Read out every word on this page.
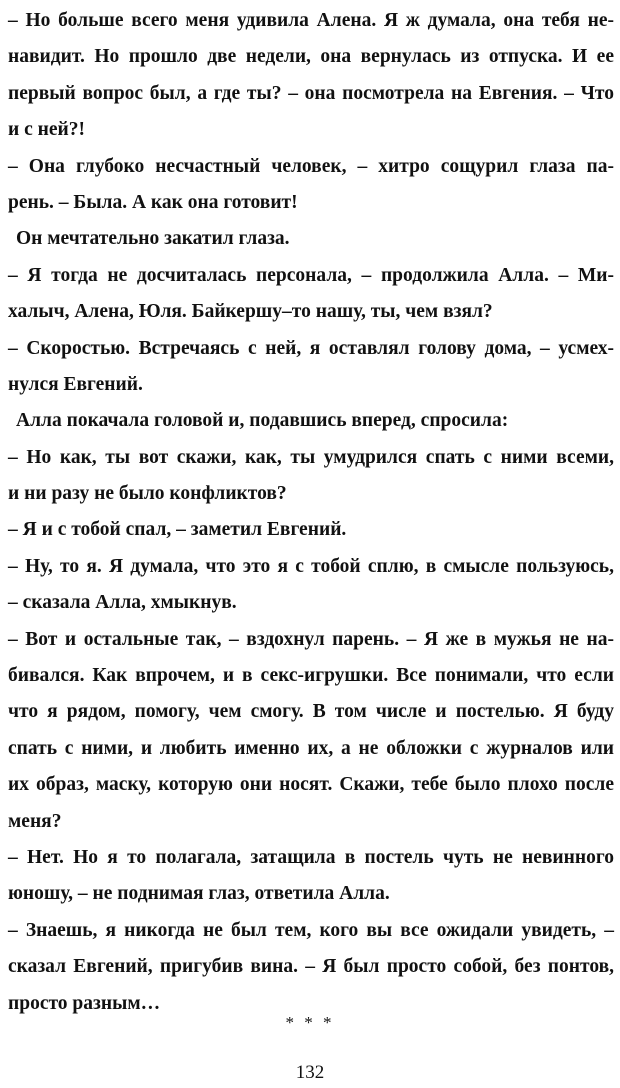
– Но больше всего меня удивила Алена. Я ж думала, она тебя не-
навидит. Но прошло две недели, она вернулась из отпуска. И ее
первый вопрос был, а где ты? – она посмотрела на Евгения. – Что
и с ней?!
– Она глубоко несчастный человек, – хитро сощурил глаза па-
рень. – Была. А как она готовит!
Он мечтательно закатил глаза.
– Я тогда не досчиталась персонала, – продолжила Алла. – Ми-
халыч, Алена, Юля. Байкершу–то нашу, ты, чем взял?
– Скоростью. Встречаясь с ней, я оставлял голову дома, – усмех-
нулся Евгений.
Алла покачала головой и, подавшись вперед, спросила:
– Но как, ты вот скажи, как, ты умудрился спать с ними всеми,
и ни разу не было конфликтов?
– Я и с тобой спал, – заметил Евгений.
– Ну, то я. Я думала, что это я с тобой сплю, в смысле пользуюсь,
– сказала Алла, хмыкнув.
– Вот и остальные так, – вздохнул парень. – Я же в мужья не на-
бивался. Как впрочем, и в секс-игрушки. Все понимали, что если
что я рядом, помогу, чем смогу. В том числе и постелью. Я буду
спать с ними, и любить именно их, а не обложки с журналов или
их образ, маску, которую они носят. Скажи, тебе было плохо после
меня?
– Нет. Но я то полагала, затащила в постель чуть не невинного
юношу, – не поднимая глаз, ответила Алла.
– Знаешь, я никогда не был тем, кого вы все ожидали увидеть, –
сказал Евгений, пригубив вина. – Я был просто собой, без понтов,
просто разным…
* * *
132
